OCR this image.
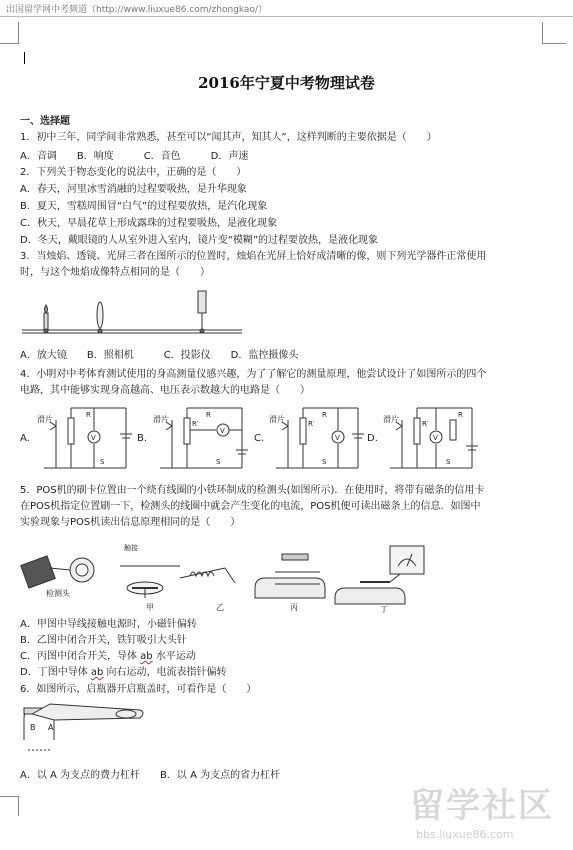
出国留学网中考频道（http://www.liuxue86.com/zhongkao/）
2016年宁夏中考物理试卷
一、选择题
1．初中三年，同学间非常熟悉，甚至可以“闻其声，知其人”，这样判断的主要依据是（　　）
A．音调　　B．响度　　　C．音色　　　D．声速
2．下列关于物态变化的说法中，正确的是（　　）
A．春天，河里冰雪消融的过程要吸热，是升华现象
B．夏天，雪糕周围冒“白气”的过程要放热，是汽化现象
C．秋天，早晨花草上形成露珠的过程要吸热，是液化现象
D．冬天，戴眼镜的人从室外进入室内，镜片变“模糊”的过程要放热，是液化现象
3．当烛焰、透镜、光屏三者在图所示的位置时，烛焰在光屏上恰好成清晰的像，则下列光学器件正常使用
时，与这个烛焰成像特点相同的是（　　）
A．放大镜　　B．照相机　　　C．投影仪　　D．监控摄像头
4．小明对中考体育测试使用的身高测量仪感兴趣，为了了解它的测量原理，他尝试设计了如图所示的四个
电路，其中能够实现身高越高、电压表示数越大的电路是（　　）
A.
滑片	R
V
S
B.
滑片	R
R′
V
S
C.
滑片	R
R′
V
S
D.
滑片	R
R′
V
S
5．POS机的刷卡位置由一个绕有线圈的小铁环制成的检测头(如图所示)．在使用时，将带有磁条的信用卡
在POS机指定位置刷一下，检测头的线圈中就会产生变化的电流，POS机便可读出磁条上的信息．如图中
实验现象与POS机读出信息原理相同的是（　　）
检测头
触接
甲	乙	丙	丁
A．甲图中导线接触电源时，小磁针偏转
B．乙图中闭合开关，铁钉吸引大头针
C．丙图中闭合开关，导体 ab 水平运动
D．丁图中导体 ab 向右运动，电流表指针偏转
6．如图所示，启瓶器开启瓶盖时，可看作是（　　）
A
B
A．以 A 为支点的费力杠杆　　B．以 A 为支点的省力杠杆
留学社区
bbs.liuxue86.com
